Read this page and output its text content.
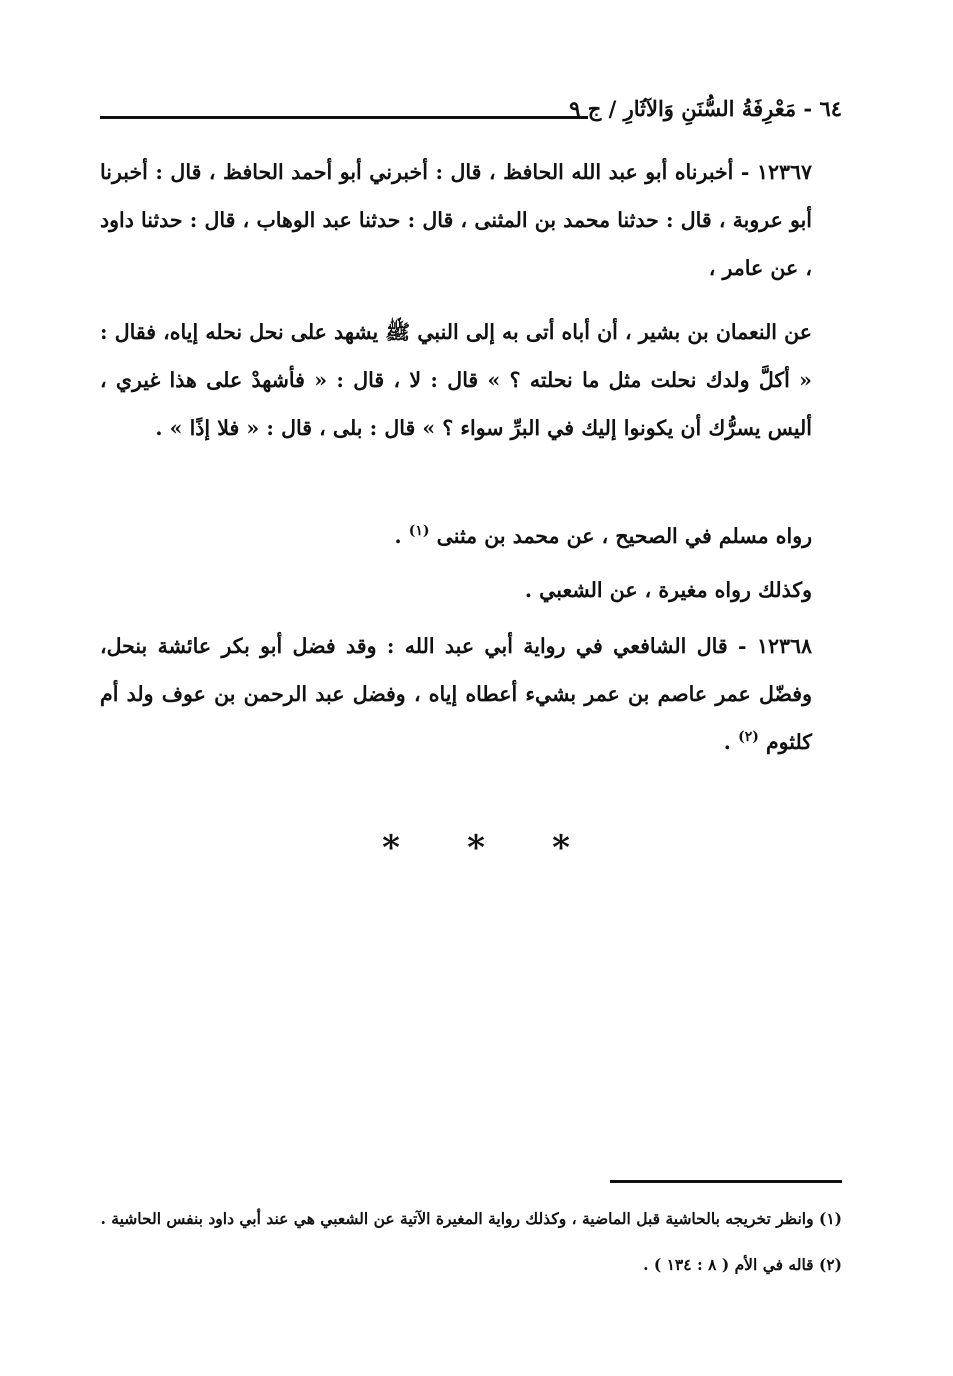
٦٤ - مَعْرِفَةُ السُّنَنِ وَالآثَارِ / ج ٩

١٢٣٦٧ - أخبرناه أبو عبد الله الحافظ ، قال : أخبرني أبو أحمد الحافظ ، قال : أخبرنا أبو عروبة ، قال : حدثنا محمد بن المثنى ، قال : حدثنا عبد الوهاب ، قال : حدثنا داود ، عن عامر ،

عن النعمان بن بشير ، أن أباه أتى به إلى النبي ﷺ يشهد على نحل نحله إياه، فقال : « أكلَّ ولدك نحلت مثل ما نحلته ؟ » قال : لا ، قال : « فأشهدْ على هذا غيري ، أليس يسرُّك أن يكونوا إليك في البرِّ سواء ؟ » قال : بلى ، قال : « فلا إذًا » .

رواه مسلم في الصحيح ، عن محمد بن مثنى $^{(١)}$ .

وكذلك رواه مغيرة ، عن الشعبي .

١٢٣٦٨ - قال الشافعي في رواية أبي عبد الله : وقد فضل أبو بكر عائشة بنحل، وفضّل عمر عاصم بن عمر بشيء أعطاه إياه ، وفضل عبد الرحمن بن عوف ولد أم كلثوم $^{(٢)}$ .

* * *

(١) وانظر تخريجه بالحاشية قبل الماضية ، وكذلك رواية المغيرة الآتية عن الشعبي هي عند أبي داود بنفس الحاشية .

(٢) قاله في الأم ( ٨ : ١٣٤ ) .
